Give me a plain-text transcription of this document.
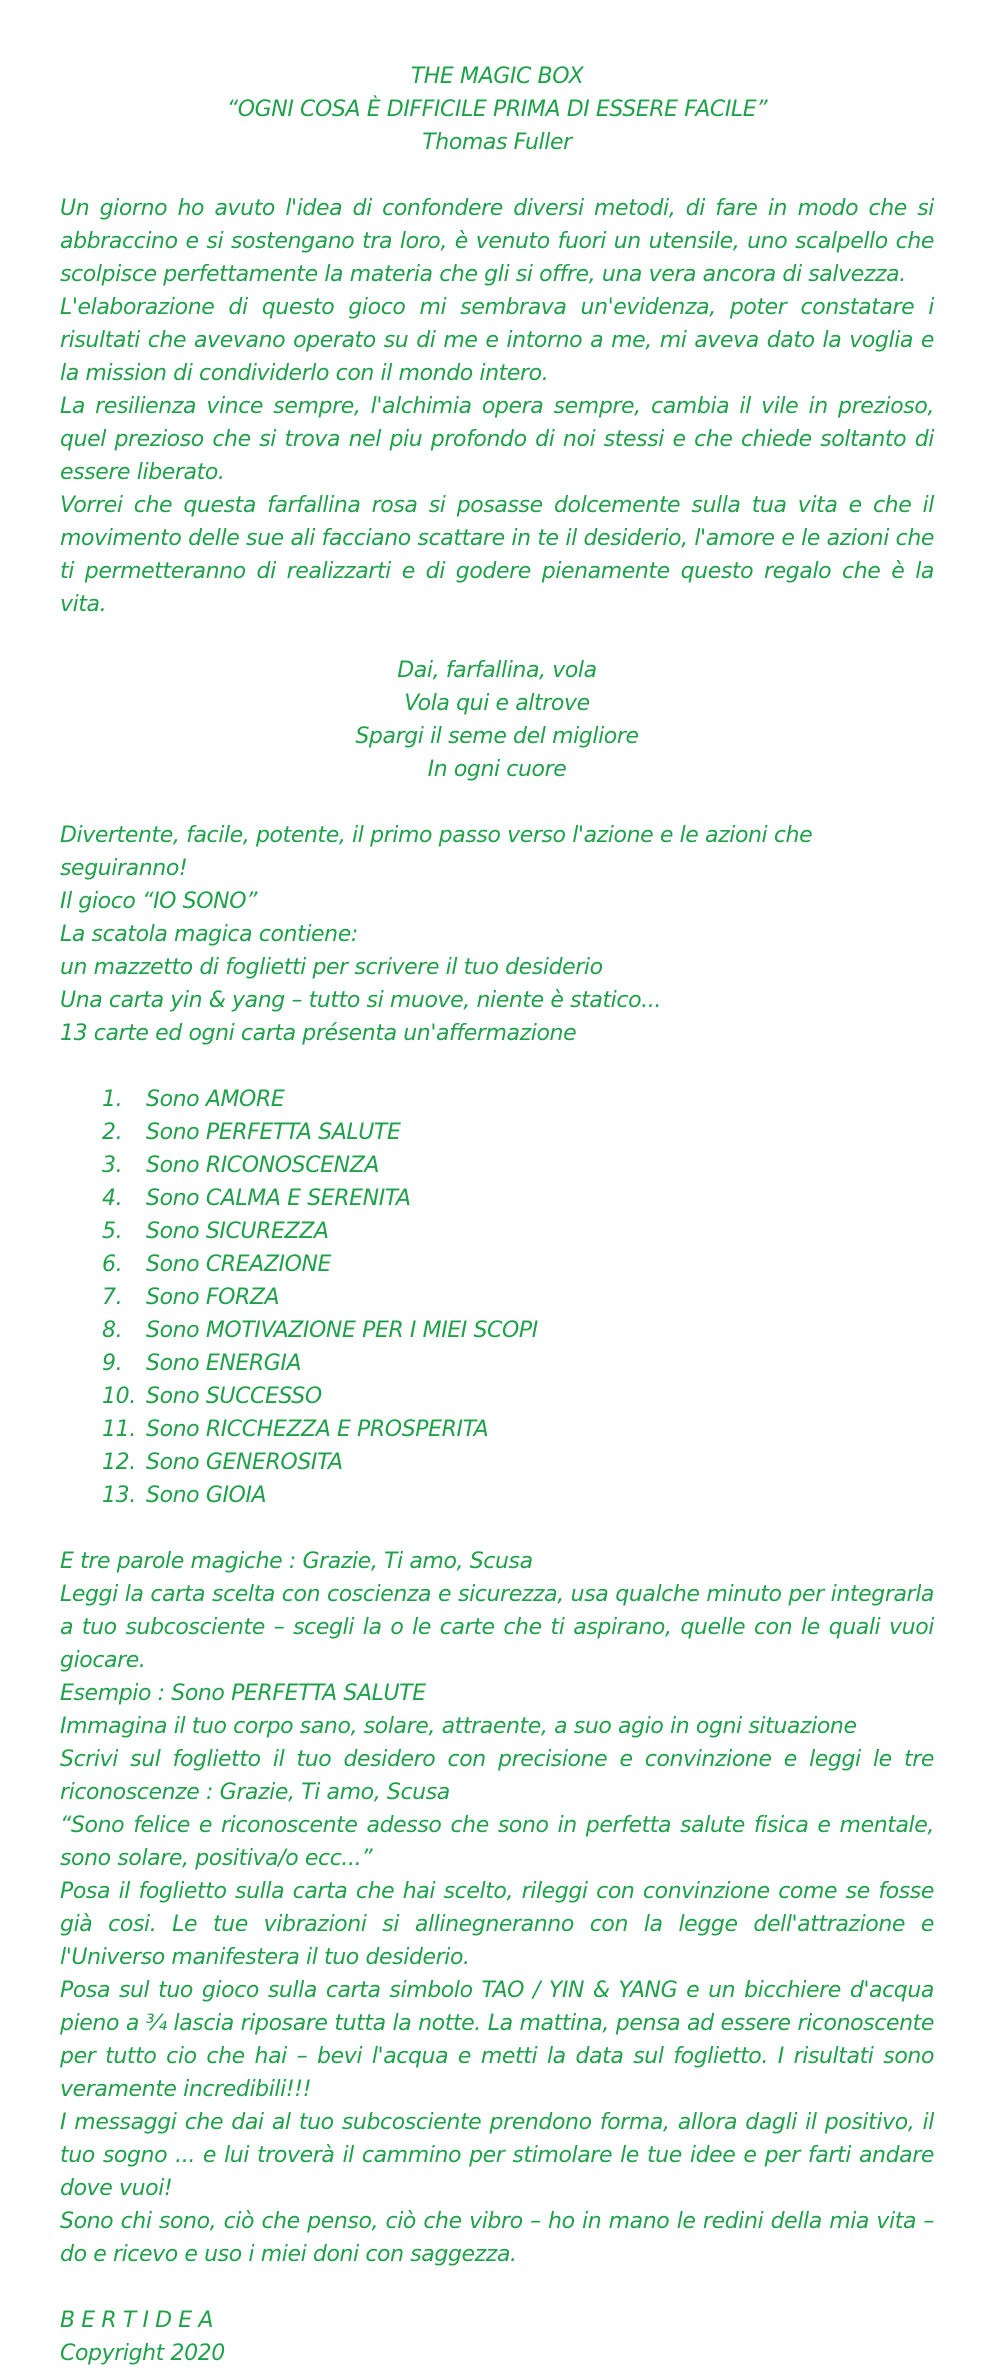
THE MAGIC BOX

“OGNI COSA È DIFFICILE PRIMA DI ESSERE FACILE”

Thomas Fuller

Un giorno ho avuto l'idea di confondere diversi metodi, di fare in modo che si abbraccino e si sostengano tra loro, è venuto fuori un utensile, uno scalpello che scolpisce perfettamente la materia che gli si offre, una vera ancora di salvezza.

L'elaborazione di questo gioco mi sembrava un'evidenza, poter constatare i risultati che avevano operato su di me e intorno a me, mi aveva dato la voglia e la mission di condividerlo con il mondo intero.

La resilienza vince sempre, l'alchimia opera sempre, cambia il vile in prezioso, quel prezioso che si trova nel piu profondo di noi stessi e che chiede soltanto di essere liberato.

Vorrei che questa farfallina rosa si posasse dolcemente sulla tua vita e che il movimento delle sue ali facciano scattare in te il desiderio, l'amore e le azioni che ti permetteranno di realizzarti e di godere pienamente questo regalo che è la vita.

Dai, farfallina, vola

Vola qui e altrove

Spargi il seme del migliore

In ogni cuore

Divertente, facile, potente, il primo passo verso l'azione e le azioni che seguiranno!

Il gioco “IO SONO”

La scatola magica contiene:

un mazzetto di foglietti per scrivere il tuo desiderio

Una carta yin & yang – tutto si muove, niente è statico...

13 carte ed ogni carta présenta un'affermazione

1.	Sono AMORE
2.	Sono PERFETTA SALUTE
3.	Sono RICONOSCENZA
4.	Sono CALMA E SERENITA
5.	Sono SICUREZZA
6.	Sono CREAZIONE
7.	Sono FORZA
8.	Sono MOTIVAZIONE PER I MIEI SCOPI
9.	Sono ENERGIA
10. Sono SUCCESSO
11. Sono RICCHEZZA E PROSPERITA
12. Sono GENEROSITA
13. Sono GIOIA

E tre parole magiche : Grazie, Ti amo, Scusa

Leggi la carta scelta con coscienza e sicurezza, usa qualche minuto per integrarla a tuo subcosciente – scegli la o le carte che ti aspirano, quelle con le quali vuoi giocare.

Esempio : Sono PERFETTA SALUTE

Immagina il tuo corpo sano, solare, attraente, a suo agio in ogni situazione

Scrivi sul foglietto il tuo desidero con precisione e convinzione e leggi le tre riconoscenze : Grazie, Ti amo, Scusa

“Sono felice e riconoscente adesso che sono in perfetta salute fisica e mentale, sono solare, positiva/o ecc...”

Posa il foglietto sulla carta che hai scelto, rileggi con convinzione come se fosse già cosi. Le tue vibrazioni si allinegneranno con la legge dell'attrazione e l'Universo manifestera il tuo desiderio.

Posa sul tuo gioco sulla carta simbolo TAO / YIN & YANG e un bicchiere d'acqua pieno a ¾ lascia riposare tutta la notte. La mattina, pensa ad essere riconoscente per tutto cio che hai – bevi l'acqua e metti la data sul foglietto. I risultati sono veramente incredibili!!!

I messaggi che dai al tuo subcosciente prendono forma, allora dagli il positivo, il tuo sogno ... e lui troverà il cammino per stimolare le tue idee e per farti andare dove vuoi!

Sono chi sono, ciò che penso, ciò che vibro – ho in mano le redini della mia vita – do e ricevo e uso i miei doni con saggezza.

B E R T I D E A

Copyright 2020
